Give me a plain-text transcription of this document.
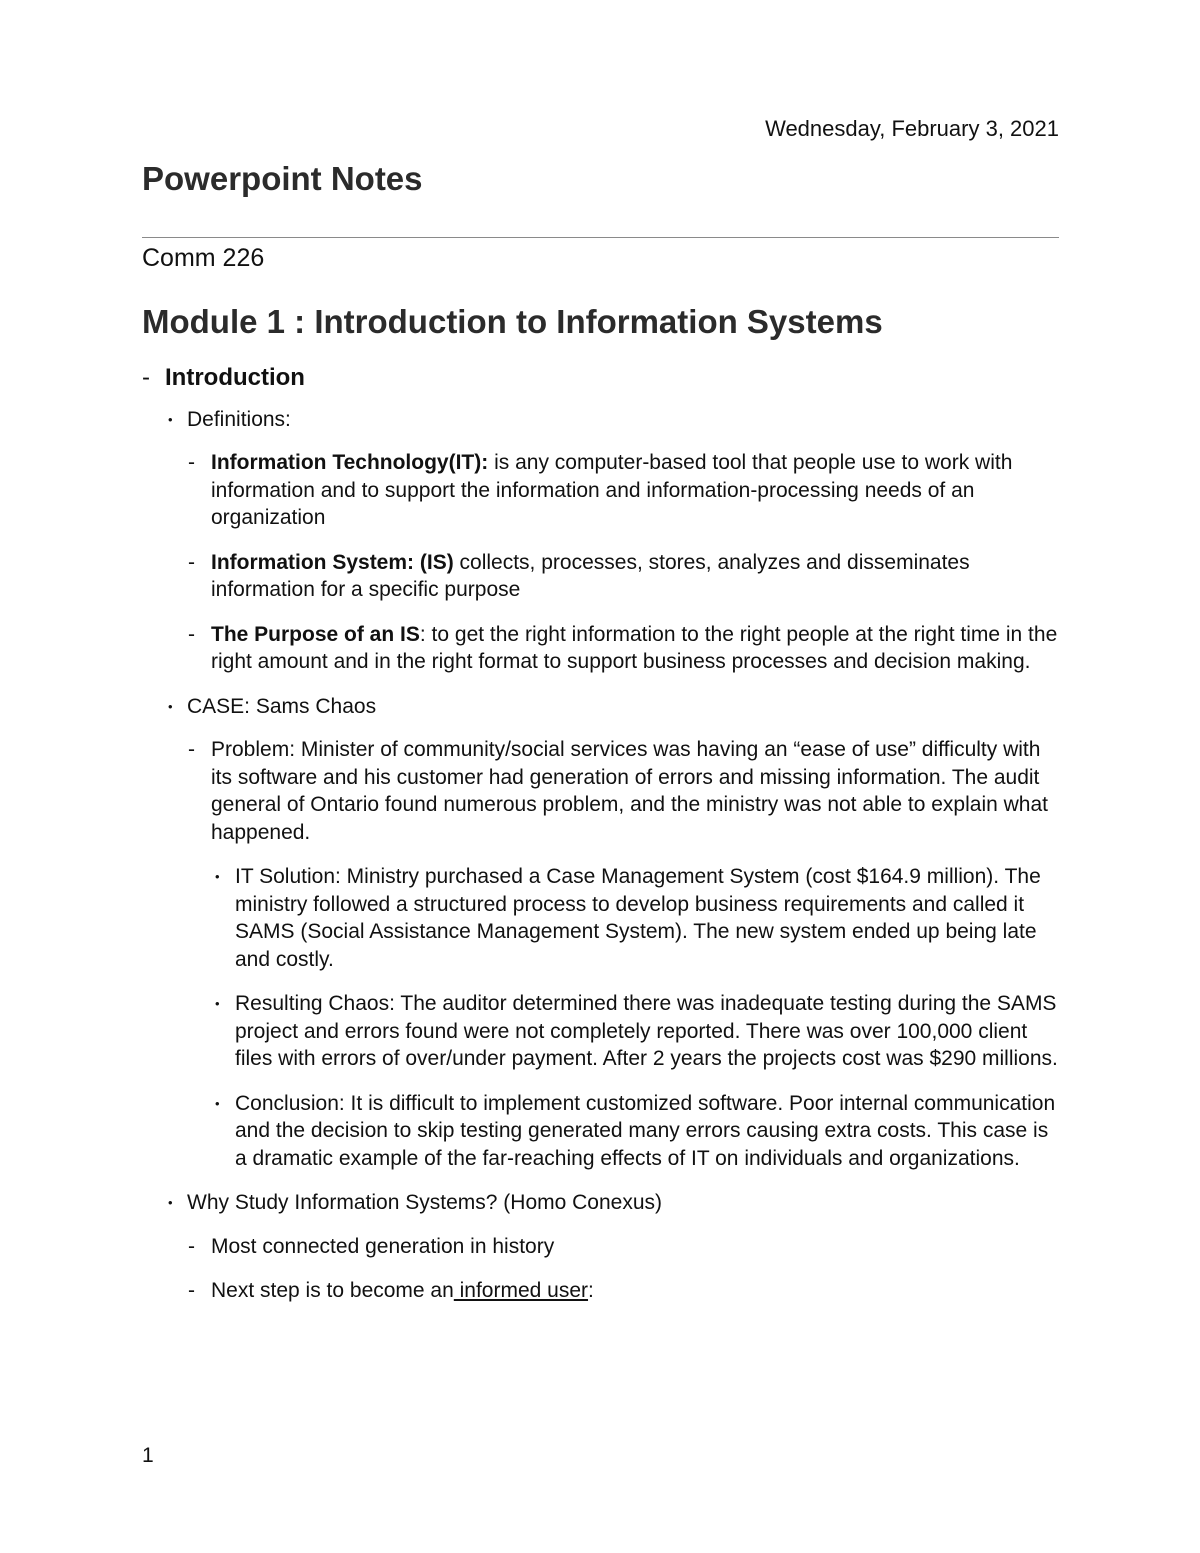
Wednesday, February 3, 2021
Powerpoint Notes
Comm 226
Module 1 : Introduction to Information Systems
- Introduction
• Definitions:
- Information Technology(IT): is any computer-based tool that people use to work with information and to support the information and information-processing needs of an organization
- Information System: (IS) collects, processes, stores, analyzes and disseminates information for a specific purpose
- The Purpose of an IS: to get the right information to the right people at the right time in the right amount and in the right format to support business processes and decision making.
• CASE: Sams Chaos
- Problem: Minister of community/social services was having an “ease of use” difficulty with its software and his customer had generation of errors and missing information. The audit general of Ontario found numerous problem, and the ministry was not able to explain what happened.
• IT Solution: Ministry purchased a Case Management System (cost $164.9 million). The ministry followed a structured process to develop business requirements and called it SAMS (Social Assistance Management System). The new system ended up being late and costly.
• Resulting Chaos: The auditor determined there was inadequate testing during the SAMS project and errors found were not completely reported. There was over 100,000 client files with errors of over/under payment. After 2 years the projects cost was $290 millions.
• Conclusion: It is difficult to implement customized software. Poor internal communication and the decision to skip testing generated many errors causing extra costs. This case is a dramatic example of the far-reaching effects of IT on individuals and organizations.
• Why Study Information Systems? (Homo Conexus)
- Most connected generation in history
- Next step is to become an informed user:
1
